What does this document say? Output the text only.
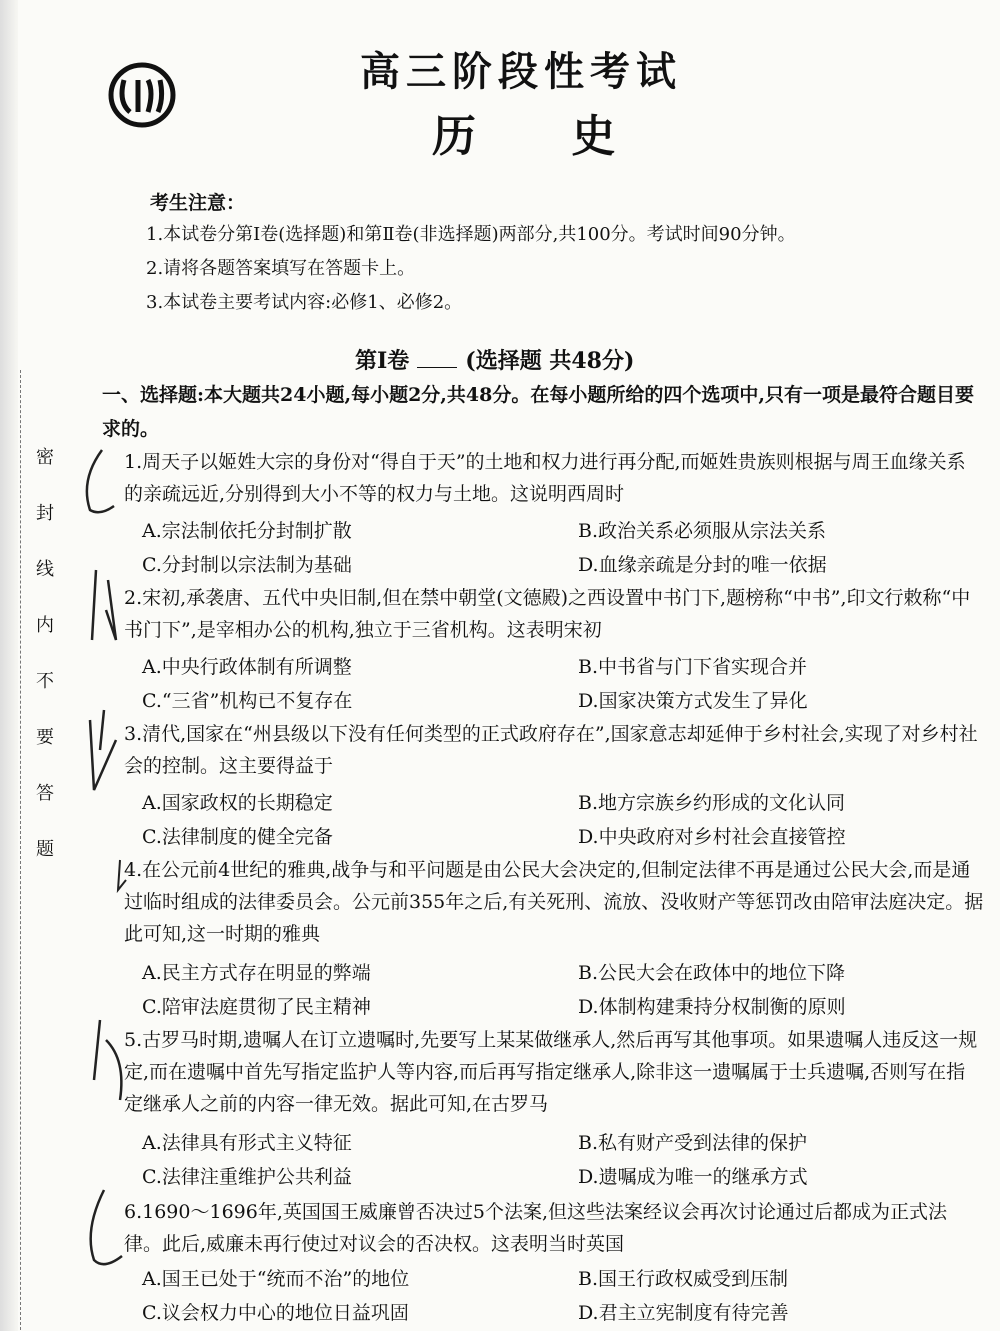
高三阶段性考试
历 史
考生注意：
1.本试卷分第Ⅰ卷(选择题)和第Ⅱ卷(非选择题)两部分,共100分。考试时间90分钟。
2.请将各题答案填写在答题卡上。
3.本试卷主要考试内容:必修1、必修2。
第Ⅰ卷	(选择题 共48分)
一、选择题:本大题共24小题,每小题2分,共48分。在每小题所给的四个选项中,只有一项是最符合题目要求的。
密 封 线 内 不 要 答 题
1.周天子以姬姓大宗的身份对“得自于天”的土地和权力进行再分配,而姬姓贵族则根据与周王血缘关系的亲疏远近,分别得到大小不等的权力与土地。这说明西周时
A.宗法制依托分封制扩散	B.政治关系必须服从宗法关系
C.分封制以宗法制为基础	D.血缘亲疏是分封的唯一依据
2.宋初,承袭唐、五代中央旧制,但在禁中朝堂(文德殿)之西设置中书门下,题榜称“中书”,印文行敕称“中书门下”,是宰相办公的机构,独立于三省机构。这表明宋初
A.中央行政体制有所调整	B.中书省与门下省实现合并
C.“三省”机构已不复存在	D.国家决策方式发生了异化
3.清代,国家在“州县级以下没有任何类型的正式政府存在”,国家意志却延伸于乡村社会,实现了对乡村社会的控制。这主要得益于
A.国家政权的长期稳定	B.地方宗族乡约形成的文化认同
C.法律制度的健全完备	D.中央政府对乡村社会直接管控
4.在公元前4世纪的雅典,战争与和平问题是由公民大会决定的,但制定法律不再是通过公民大会,而是通过临时组成的法律委员会。公元前355年之后,有关死刑、流放、没收财产等惩罚改由陪审法庭决定。据此可知,这一时期的雅典
A.民主方式存在明显的弊端	B.公民大会在政体中的地位下降
C.陪审法庭贯彻了民主精神	D.体制构建秉持分权制衡的原则
5.古罗马时期,遗嘱人在订立遗嘱时,先要写上某某做继承人,然后再写其他事项。如果遗嘱人违反这一规定,而在遗嘱中首先写指定监护人等内容,而后再写指定继承人,除非这一遗嘱属于士兵遗嘱,否则写在指定继承人之前的内容一律无效。据此可知,在古罗马
A.法律具有形式主义特征	B.私有财产受到法律的保护
C.法律注重维护公共利益	D.遗嘱成为唯一的继承方式
6.1690～1696年,英国国王威廉曾否决过5个法案,但这些法案经议会再次讨论通过后都成为正式法律。此后,威廉未再行使过对议会的否决权。这表明当时英国
A.国王已处于“统而不治”的地位	B.国王行政权威受到压制
C.议会权力中心的地位日益巩固	D.君主立宪制度有待完善
